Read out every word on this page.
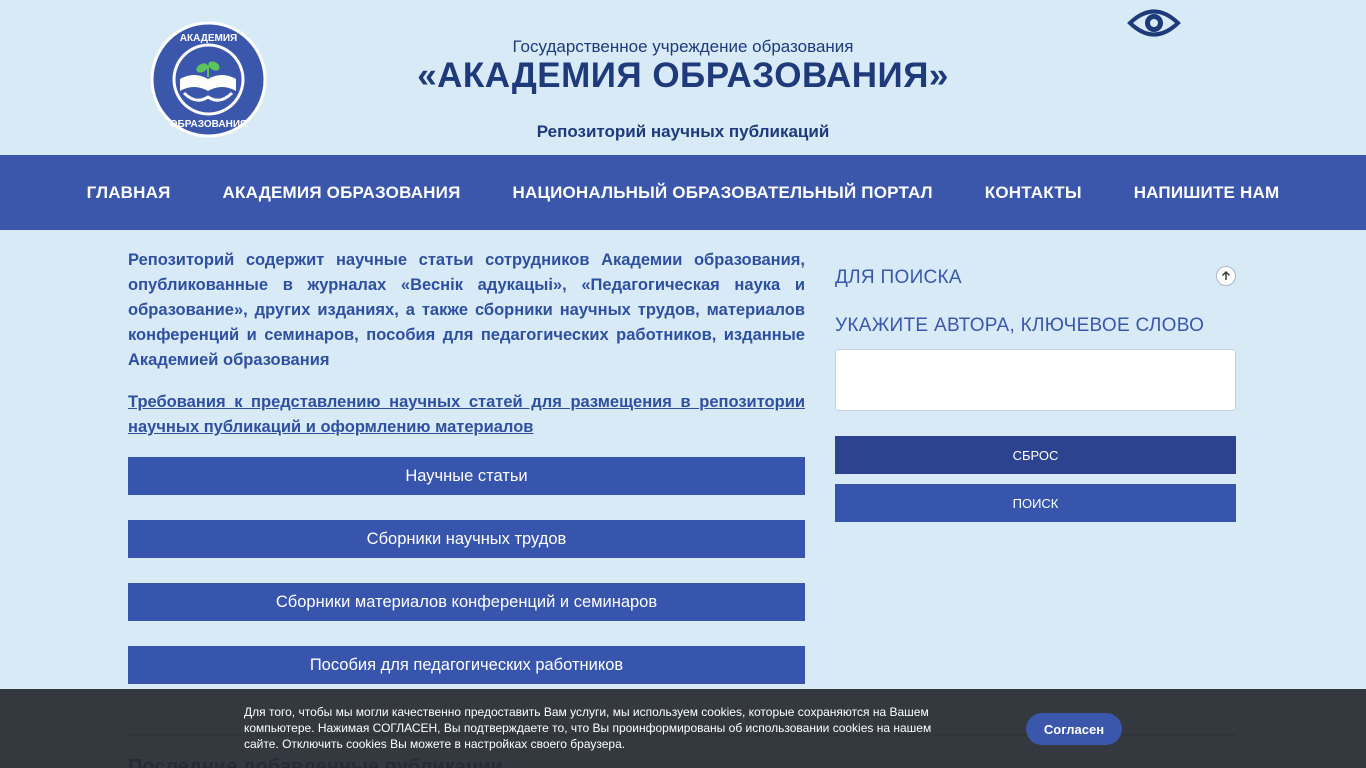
АКАДЕМИЯ
ОБРАЗОВАНИЯ
Государственное учреждение образования
«АКАДЕМИЯ ОБРАЗОВАНИЯ»
Репозиторий научных публикаций
ГЛАВНАЯ	АКАДЕМИЯ ОБРАЗОВАНИЯ	НАЦИОНАЛЬНЫЙ ОБРАЗОВАТЕЛЬНЫЙ ПОРТАЛ	КОНТАКТЫ	НАПИШИТЕ НАМ

Репозиторий содержит научные статьи сотрудников Академии образования, опубликованные в журналах «Веснік адукацыі», «Педагогическая наука и образование», других изданиях, а также сборники научных трудов, материалов конференций и семинаров, пособия для педагогических работников, изданные Академией образования

Требования к представлению научных статей для размещения в репозитории научных публикаций и оформлению материалов
Научные статьи
Сборники научных трудов
Сборники материалов конференций и семинаров
Пособия для педагогических работников
ДЛЯ ПОИСКА
УКАЖИТЕ АВТОРА, КЛЮЧЕВОЕ СЛОВО
СБРОС
ПОИСК
Для того, чтобы мы могли качественно предоставить Вам услуги, мы используем cookies, которые сохраняются на Вашем компьютере. Нажимая СОГЛАСЕН, Вы подтверждаете то, что Вы проинформированы об использовании cookies на нашем сайте. Отключить cookies Вы можете в настройках своего браузера.
Согласен
